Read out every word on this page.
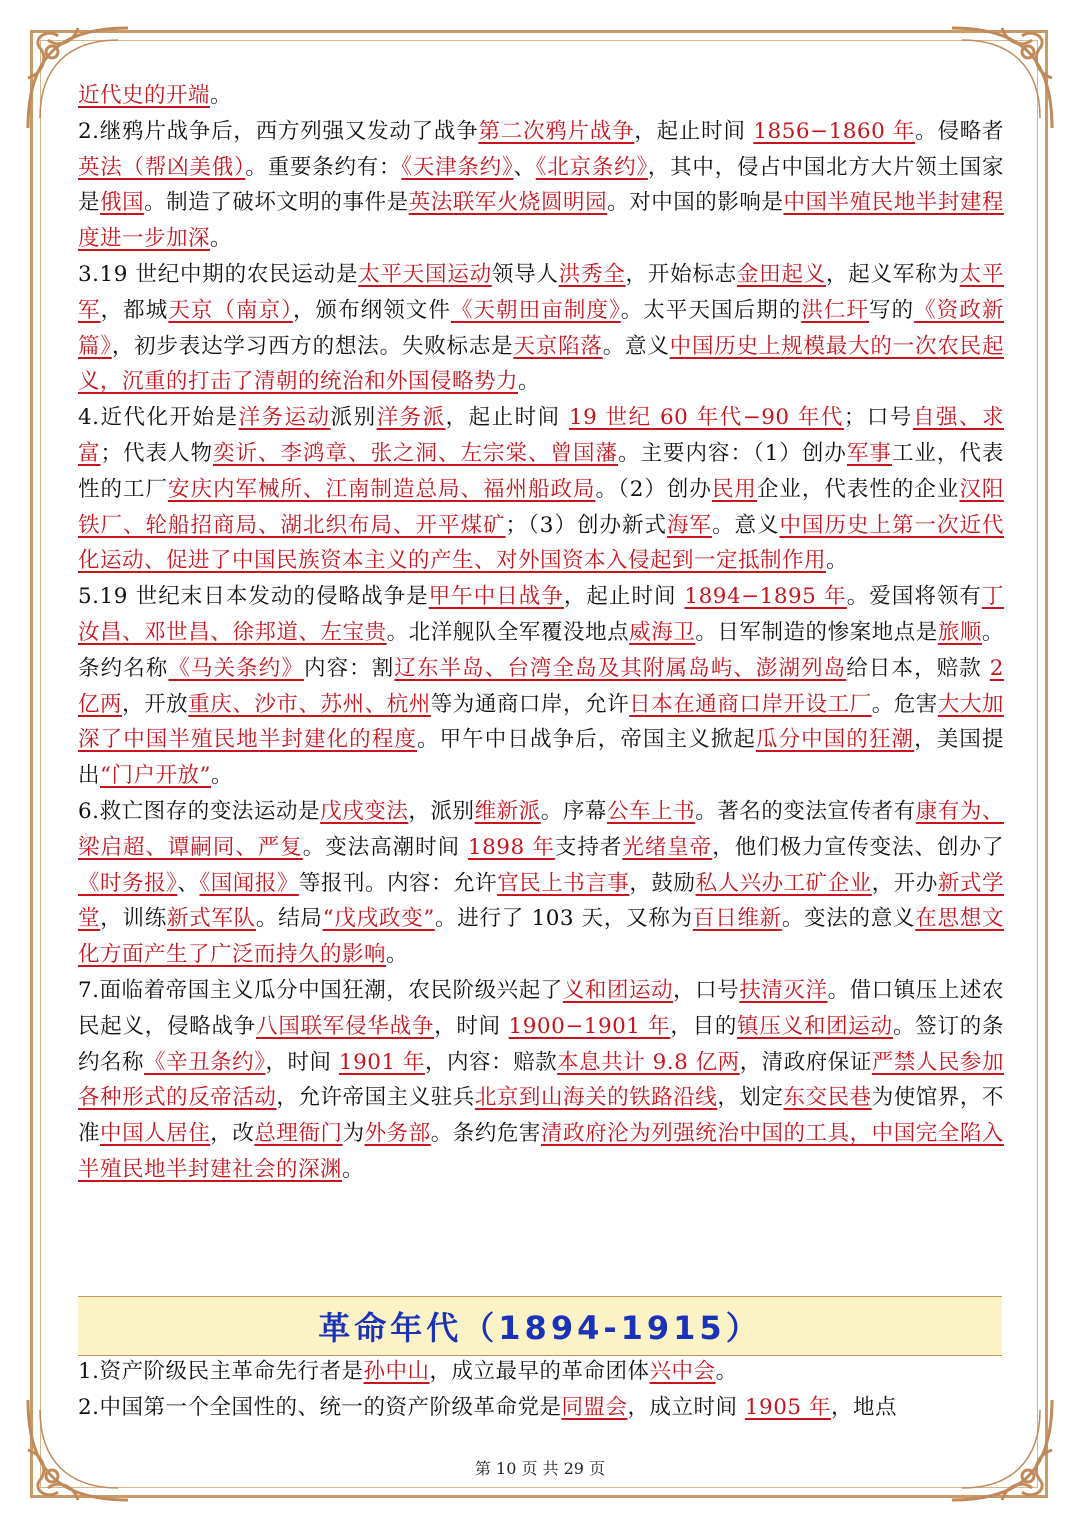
近代史的开端。

2.继鸦片战争后，西方列强又发动了战争第二次鸦片战争，起止时间 1856−1860 年。侵略者英法（帮凶美俄）。重要条约有：《天津条约》、《北京条约》，其中，侵占中国北方大片领土国家是俄国。制造了破坏文明的事件是英法联军火烧圆明园。对中国的影响是中国半殖民地半封建程度进一步加深。

3.19 世纪中期的农民运动是太平天国运动领导人洪秀全，开始标志金田起义，起义军称为太平军，都城天京（南京），颁布纲领文件《天朝田亩制度》。太平天国后期的洪仁玕写的《资政新篇》，初步表达学习西方的想法。失败标志是天京陷落。意义中国历史上规模最大的一次农民起义，沉重的打击了清朝的统治和外国侵略势力。

4.近代化开始是洋务运动派别洋务派，起止时间 19 世纪 60 年代−90 年代；口号自强、求富；代表人物奕䜣、李鸿章、张之洞、左宗棠、曾国藩。主要内容：（1）创办军事工业，代表性的工厂安庆内军械所、江南制造总局、福州船政局。（2）创办民用企业，代表性的企业汉阳铁厂、轮船招商局、湖北织布局、开平煤矿；（3）创办新式海军。意义中国历史上第一次近代化运动、促进了中国民族资本主义的产生、对外国资本入侵起到一定抵制作用。

5.19 世纪末日本发动的侵略战争是甲午中日战争，起止时间 1894−1895 年。爱国将领有丁汝昌、邓世昌、徐邦道、左宝贵。北洋舰队全军覆没地点威海卫。日军制造的惨案地点是旅顺。条约名称《马关条约》内容：割辽东半岛、台湾全岛及其附属岛屿、澎湖列岛给日本，赔款 2 亿两，开放重庆、沙市、苏州、杭州等为通商口岸，允许日本在通商口岸开设工厂。危害大大加深了中国半殖民地半封建化的程度。甲午中日战争后，帝国主义掀起瓜分中国的狂潮，美国提出“门户开放”。

6.救亡图存的变法运动是戊戌变法，派别维新派。序幕公车上书。著名的变法宣传者有康有为、梁启超、谭嗣同、严复。变法高潮时间 1898 年支持者光绪皇帝，他们极力宣传变法、创办了《时务报》、《国闻报》等报刊。内容：允许官民上书言事，鼓励私人兴办工矿企业，开办新式学堂，训练新式军队。结局“戊戌政变”。进行了 103 天，又称为百日维新。变法的意义在思想文化方面产生了广泛而持久的影响。

7.面临着帝国主义瓜分中国狂潮，农民阶级兴起了义和团运动，口号扶清灭洋。借口镇压上述农民起义，侵略战争八国联军侵华战争，时间 1900−1901 年，目的镇压义和团运动。签订的条约名称《辛丑条约》，时间 1901 年，内容：赔款本息共计 9.8 亿两，清政府保证严禁人民参加各种形式的反帝活动，允许帝国主义驻兵北京到山海关的铁路沿线，划定东交民巷为使馆界，不准中国人居住，改总理衙门为外务部。条约危害清政府沦为列强统治中国的工具，中国完全陷入半殖民地半封建社会的深渊。

革命年代（1894-1915）

1.资产阶级民主革命先行者是孙中山，成立最早的革命团体兴中会。

2.中国第一个全国性的、统一的资产阶级革命党是同盟会，成立时间 1905 年，地点

第 10 页 共 29 页
